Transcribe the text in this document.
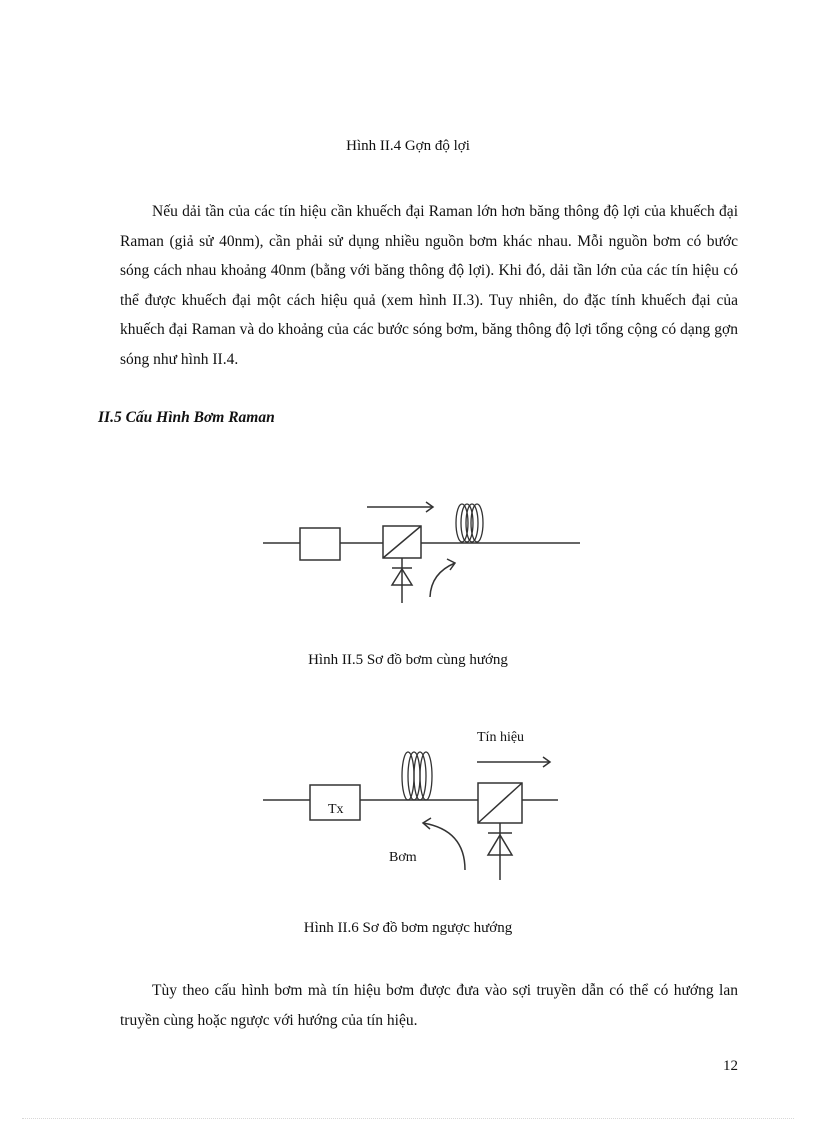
Hình II.4 Gợn độ lợi

Nếu dải tần của các tín hiệu cần khuếch đại Raman lớn hơn băng thông độ lợi của khuếch đại Raman (giả sử 40nm), cần phải sử dụng nhiều nguồn bơm khác nhau. Mỗi nguồn bơm có bước sóng cách nhau khoảng 40nm (bằng với băng thông độ lợi). Khi đó, dải tần lớn của các tín hiệu có thể được khuếch đại một cách hiệu quả (xem hình II.3). Tuy nhiên, do đặc tính khuếch đại của khuếch đại Raman và do khoảng của các bước sóng bơm, băng thông độ lợi tổng cộng có dạng gợn sóng như hình II.4.

II.5 Cấu Hình Bơm Raman
Hình II.5 Sơ đồ bơm cùng hướng
Tín hiệu
Tx
Bơm
Hình II.6 Sơ đồ bơm ngược hướng

Tùy theo cấu hình bơm mà tín hiệu bơm được đưa vào sợi truyền dẫn có thể có hướng lan truyền cùng hoặc ngược với hướng của tín hiệu.

12
